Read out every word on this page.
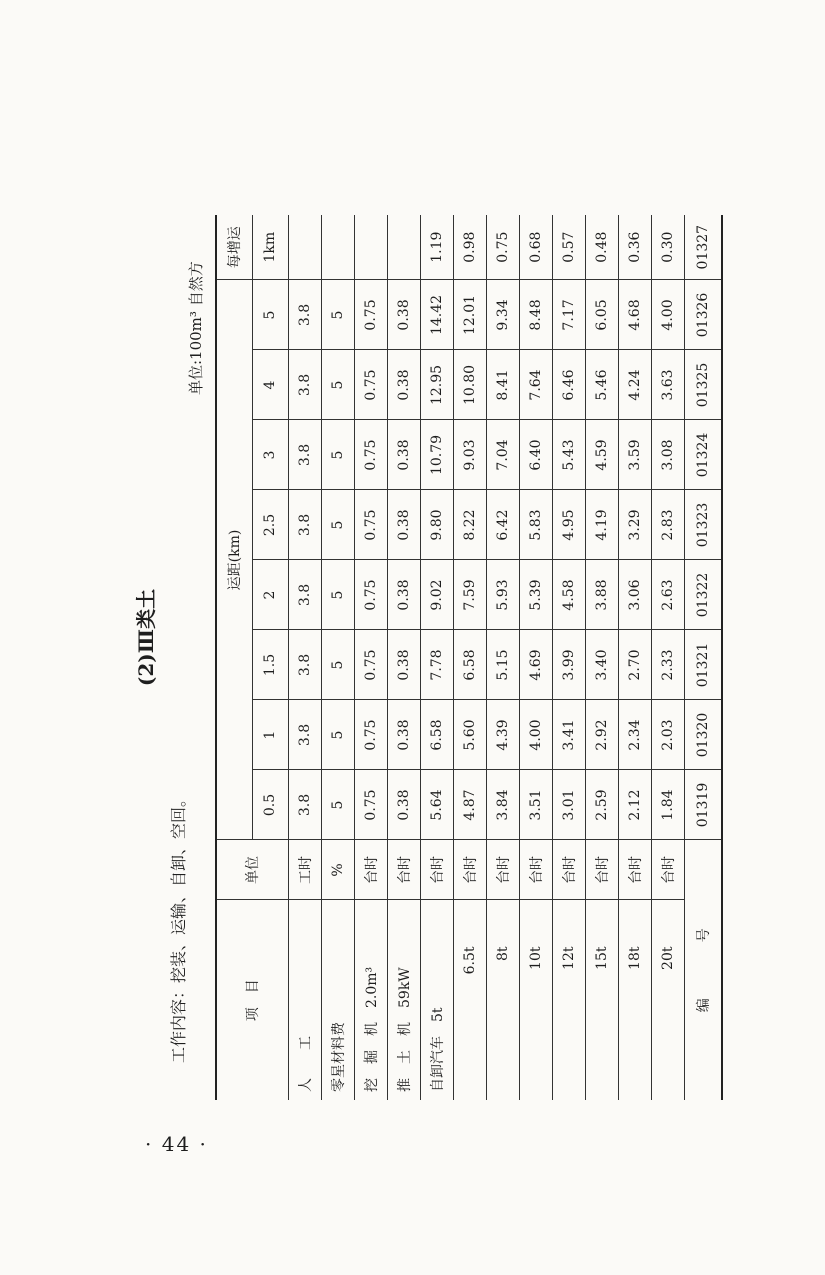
· 44 ·
(2)Ⅲ类土
工作内容：挖装、运输、自卸、空回。
单位:100m³ 自然方
项　目	单位	运距(km)								每增运
		0.5	1	1.5	2	2.5	3	4	5	1km
人　　工	工时	3.8	3.8	3.8	3.8	3.8	3.8	3.8	3.8	
零星材料费	%	5	5	5	5	5	5	5	5	
挖　掘　机　2.0m³	台时	0.75	0.75	0.75	0.75	0.75	0.75	0.75	0.75	
推　土　机　59kW	台时	0.38	0.38	0.38	0.38	0.38	0.38	0.38	0.38	
自卸汽车　5t	台时	5.64	6.58	7.78	9.02	9.80	10.79	12.95	14.42	1.19
6.5t	台时	4.87	5.60	6.58	7.59	8.22	9.03	10.80	12.01	0.98
8t	台时	3.84	4.39	5.15	5.93	6.42	7.04	8.41	9.34	0.75
10t	台时	3.51	4.00	4.69	5.39	5.83	6.40	7.64	8.48	0.68
12t	台时	3.01	3.41	3.99	4.58	4.95	5.43	6.46	7.17	0.57
15t	台时	2.59	2.92	3.40	3.88	4.19	4.59	5.46	6.05	0.48
18t	台时	2.12	2.34	2.70	3.06	3.29	3.59	4.24	4.68	0.36
20t	台时	1.84	2.03	2.33	2.63	2.83	3.08	3.63	4.00	0.30
编　　　　号		01319	01320	01321	01322	01323	01324	01325	01326	01327
